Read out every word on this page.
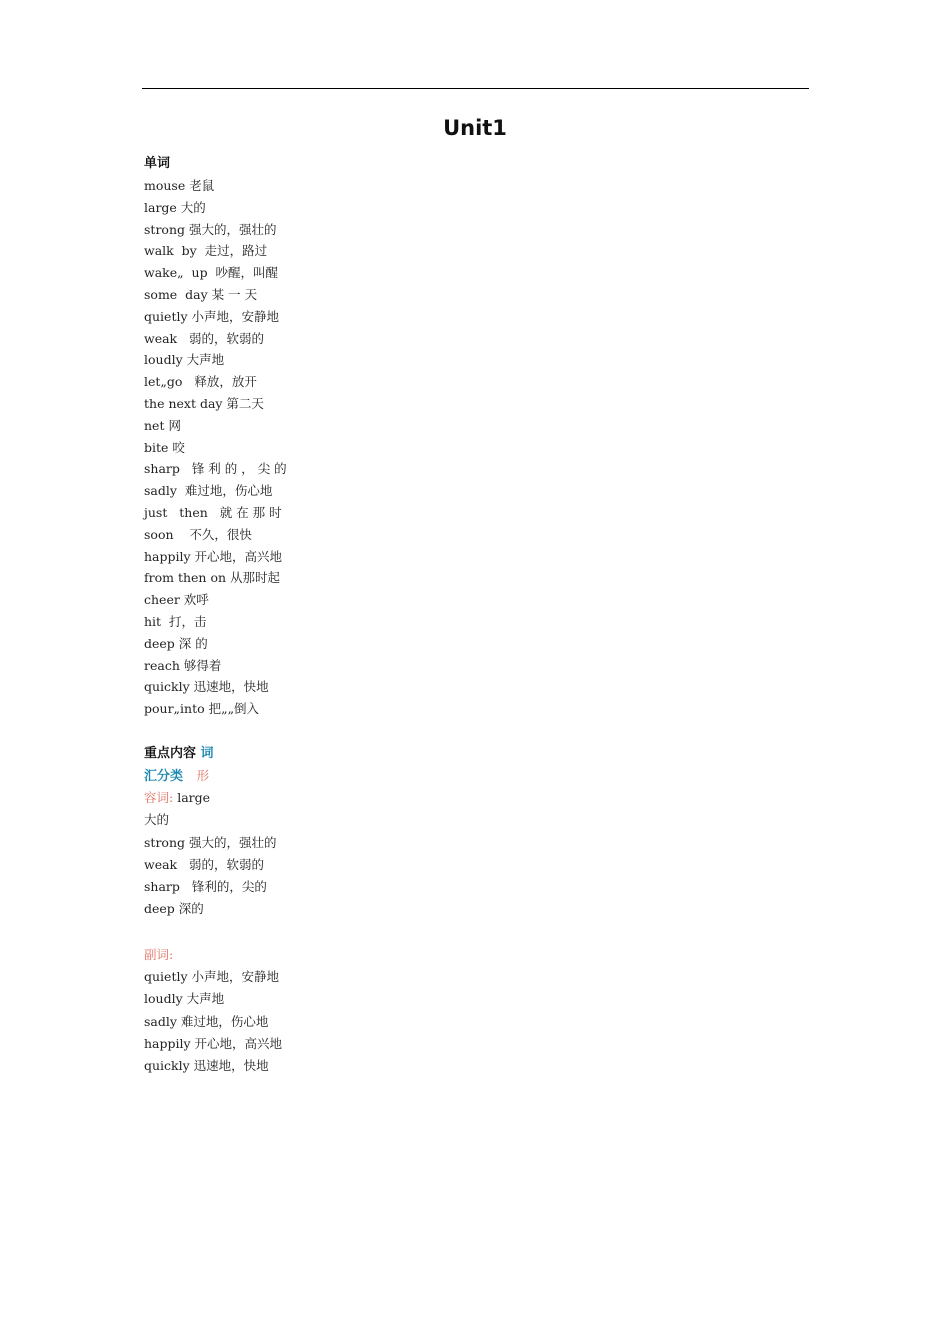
Unit1
单词
mouse 老鼠
large 大的
strong 强大的，强壮的
walk  by  走过，路过
wake„  up  吵醒，叫醒
some  day 某 一 天
quietly 小声地，安静地
weak   弱的，软弱的
loudly 大声地
let„go   释放，放开
the next day 第二天
net 网
bite 咬
sharp   锋 利 的 ， 尖 的
sadly  难过地，伤心地
just   then   就 在 那 时
soon    不久，很快
happily 开心地，高兴地
from then on 从那时起
cheer 欢呼
hit  打，击
deep 深 的
reach 够得着
quickly 迅速地，快地
pour„into 把„„倒入
重点内容 词
汇分类 形
容词: large
大的
strong 强大的，强壮的
weak   弱的，软弱的
sharp   锋利的，尖的
deep 深的
副词:
quietly 小声地，安静地
loudly 大声地
sadly 难过地，伤心地
happily 开心地，高兴地
quickly 迅速地，快地
